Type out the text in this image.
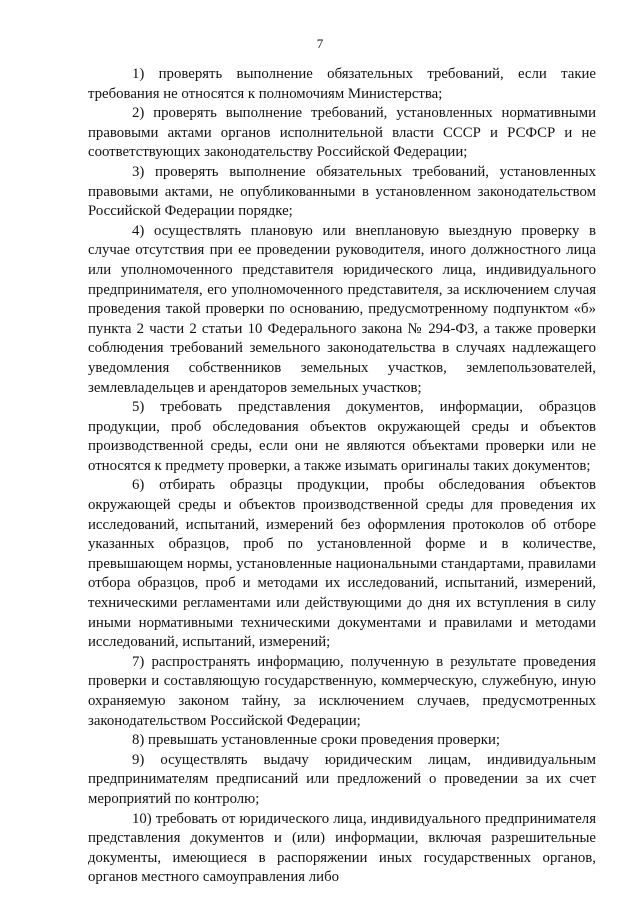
7

1) проверять выполнение обязательных требований, если такие требования не относятся к полномочиям Министерства;

2) проверять выполнение требований, установленных нормативными правовыми актами органов исполнительной власти СССР и РСФСР и не соответствующих законодательству Российской Федерации;

3) проверять выполнение обязательных требований, установленных правовыми актами, не опубликованными в установленном законодательством Российской Федерации порядке;

4) осуществлять плановую или внеплановую выездную проверку в случае отсутствия при ее проведении руководителя, иного должностного лица или уполномоченного представителя юридического лица, индивидуального предпринимателя, его уполномоченного представителя, за исключением случая проведения такой проверки по основанию, предусмотренному подпунктом «б» пункта 2 части 2 статьи 10 Федерального закона № 294-ФЗ, а также проверки соблюдения требований земельного законодательства в случаях надлежащего уведомления собственников земельных участков, землепользователей, землевладельцев и арендаторов земельных участков;

5) требовать представления документов, информации, образцов продукции, проб обследования объектов окружающей среды и объектов производственной среды, если они не являются объектами проверки или не относятся к предмету проверки, а также изымать оригиналы таких документов;

6) отбирать образцы продукции, пробы обследования объектов окружающей среды и объектов производственной среды для проведения их исследований, испытаний, измерений без оформления протоколов об отборе указанных образцов, проб по установленной форме и в количестве, превышающем нормы, установленные национальными стандартами, правилами отбора образцов, проб и методами их исследований, испытаний, измерений, техническими регламентами или действующими до дня их вступления в силу иными нормативными техническими документами и правилами и методами исследований, испытаний, измерений;

7) распространять информацию, полученную в результате проведения проверки и составляющую государственную, коммерческую, служебную, иную охраняемую законом тайну, за исключением случаев, предусмотренных законодательством Российской Федерации;

8) превышать установленные сроки проведения проверки;

9) осуществлять выдачу юридическим лицам, индивидуальным предпринимателям предписаний или предложений о проведении за их счет мероприятий по контролю;

10) требовать от юридического лица, индивидуального предпринимателя представления документов и (или) информации, включая разрешительные документы, имеющиеся в распоряжении иных государственных органов, органов местного самоуправления либо
